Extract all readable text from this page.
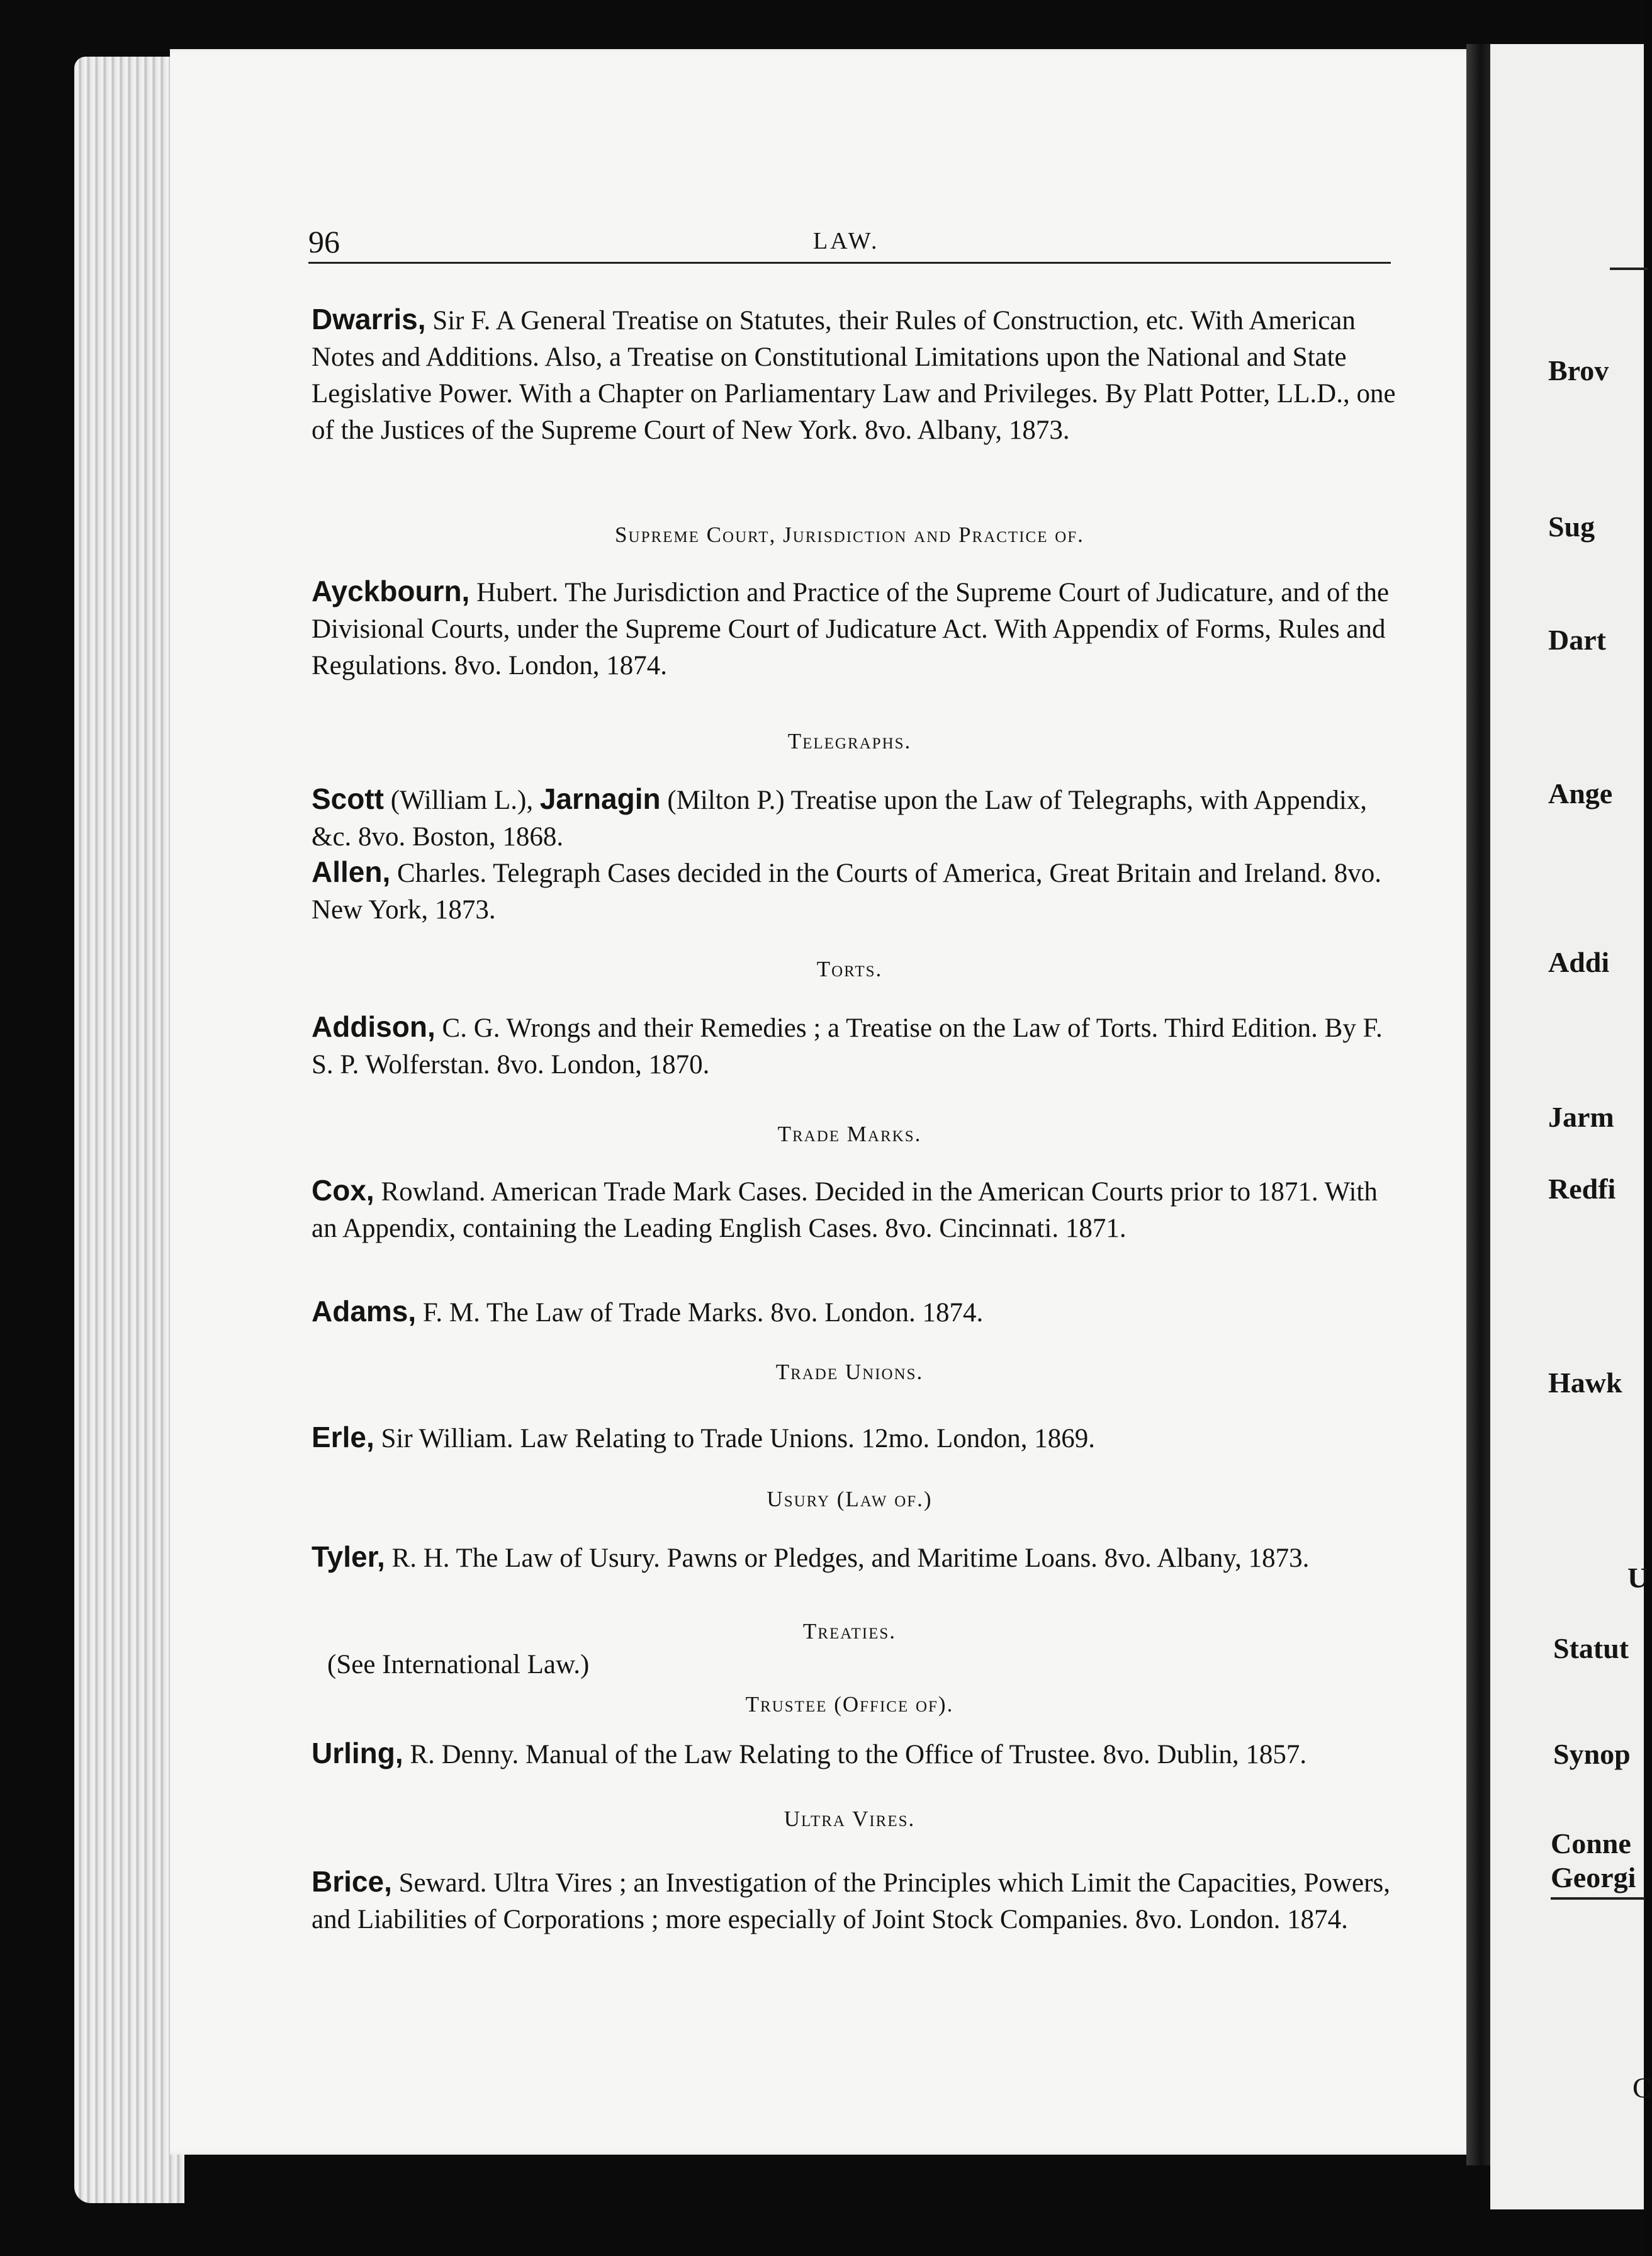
Brov
Sug
Dart
Ange
Addi
Jarm
Redfi
Hawk
U
Statut
Synop
Conne
Georgi
C
96	LAW.
Dwarris, Sir F. A General Treatise on Statutes, their Rules of Construction, etc. With American Notes and Additions. Also, a Treatise on Constitutional Limitations upon the National and State Legislative Power. With a Chapter on Parliamentary Law and Privileges. By Platt Potter, LL.D., one of the Justices of the Supreme Court of New York. 8vo. Albany, 1873.
Supreme Court, Jurisdiction and Practice of.
Ayckbourn, Hubert. The Jurisdiction and Practice of the Supreme Court of Judicature, and of the Divisional Courts, under the Supreme Court of Judicature Act. With Appendix of Forms, Rules and Regulations. 8vo. London, 1874.
Telegraphs.
Scott (William L.), Jarnagin (Milton P.) Treatise upon the Law of Telegraphs, with Appendix, &c. 8vo. Boston, 1868.
Allen, Charles. Telegraph Cases decided in the Courts of America, Great Britain and Ireland. 8vo. New York, 1873.
Torts.
Addison, C. G. Wrongs and their Remedies ; a Treatise on the Law of Torts. Third Edition. By F. S. P. Wolferstan. 8vo. London, 1870.
Trade Marks.
Cox, Rowland. American Trade Mark Cases. Decided in the American Courts prior to 1871. With an Appendix, containing the Leading English Cases. 8vo. Cincinnati. 1871.
Adams, F. M. The Law of Trade Marks. 8vo. London. 1874.
Trade Unions.
Erle, Sir William. Law Relating to Trade Unions. 12mo. London, 1869.
Usury (Law of.)
Tyler, R. H. The Law of Usury. Pawns or Pledges, and Maritime Loans. 8vo. Albany, 1873.
Treaties.
(See International Law.)
Trustee (Office of).
Urling, R. Denny. Manual of the Law Relating to the Office of Trustee. 8vo. Dublin, 1857.
Ultra Vires.
Brice, Seward. Ultra Vires ; an Investigation of the Principles which Limit the Capacities, Powers, and Liabilities of Corporations ; more especially of Joint Stock Companies. 8vo. London. 1874.
